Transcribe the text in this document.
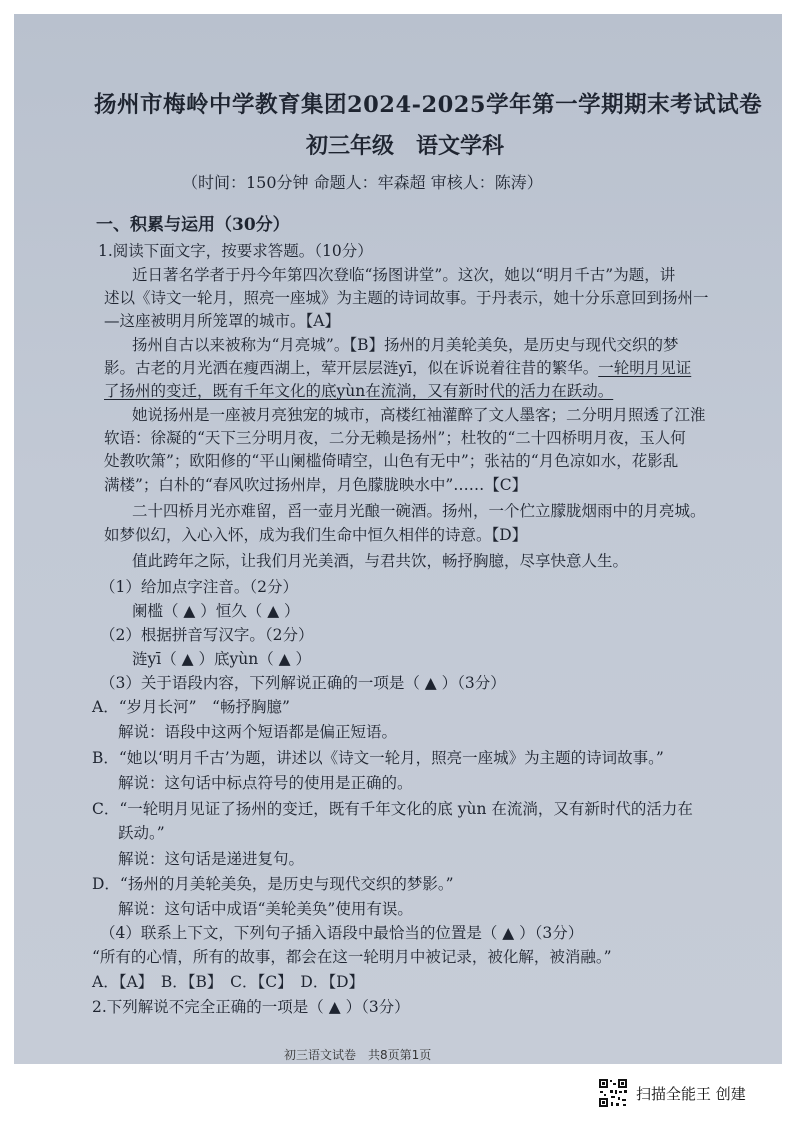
扬州市梅岭中学教育集团2024-2025学年第一学期期末考试试卷
初三年级　语文学科
（时间：150分钟 命题人：牢森超 审核人：陈涛）
一、积累与运用（30分）
1.阅读下面文字，按要求答题。（10分）
近日著名学者于丹今年第四次登临“扬图讲堂”。这次，她以“明月千古”为题，讲
述以《诗文一轮月，照亮一座城》为主题的诗词故事。于丹表示，她十分乐意回到扬州一
—这座被明月所笼罩的城市。【A】
扬州自古以来被称为“月亮城”。【B】扬州的月美轮美奂，是历史与现代交织的梦
影。古老的月光洒在瘦西湖上，荤开层层涟yī，似在诉说着往昔的繁华。一轮明月见证
了扬州的变迁，既有千年文化的底yùn在流淌，又有新时代的活力在跃动。
她说扬州是一座被月亮独宠的城市，高楼红袖灌醉了文人墨客；二分明月照透了江淮
软语：徐凝的“天下三分明月夜，二分无赖是扬州”；杜牧的“二十四桥明月夜，玉人何
处教吹箫”；欧阳修的“平山阑槛倚晴空，山色有无中”；张祜的“月色凉如水，花影乱
满楼”；白朴的“春风吹过扬州岸，月色朦胧映水中”……【C】
二十四桥月光亦难留，舀一壶月光酿一碗酒。扬州，一个伫立朦胧烟雨中的月亮城。
如梦似幻，入心入怀，成为我们生命中恒久相伴的诗意。【D】
值此跨年之际，让我们月光美酒，与君共饮，畅抒胸臆，尽享快意人生。
（1）给加点字注音。（2分）
阑槛（ ▲ ）恒久（ ▲ ）
（2）根据拼音写汉字。（2分）
涟yī（ ▲ ）底yùn（ ▲ ）
（3）关于语段内容，下列解说正确的一项是（ ▲ ）（3分）
A．“岁月长河”　“畅抒胸臆”
解说：语段中这两个短语都是偏正短语。
B．“她以‘明月千古’为题，讲述以《诗文一轮月，照亮一座城》为主题的诗词故事。”
解说：这句话中标点符号的使用是正确的。
C．“一轮明月见证了扬州的变迁，既有千年文化的底 yùn 在流淌，又有新时代的活力在
跃动。”
解说：这句话是递进复句。
D．“扬州的月美轮美奂，是历史与现代交织的梦影。”
解说：这句话中成语“美轮美奂”使用有误。
（4）联系上下文，下列句子插入语段中最恰当的位置是（ ▲ ）（3分）
“所有的心情，所有的故事，都会在这一轮明月中被记录，被化解，被消融。”
A．【A】　B．【B】　C．【C】　D．【D】
2.下列解说不完全正确的一项是（ ▲ ）（3分）
初三语文试卷　共8页第1页
扫描全能王 创建
